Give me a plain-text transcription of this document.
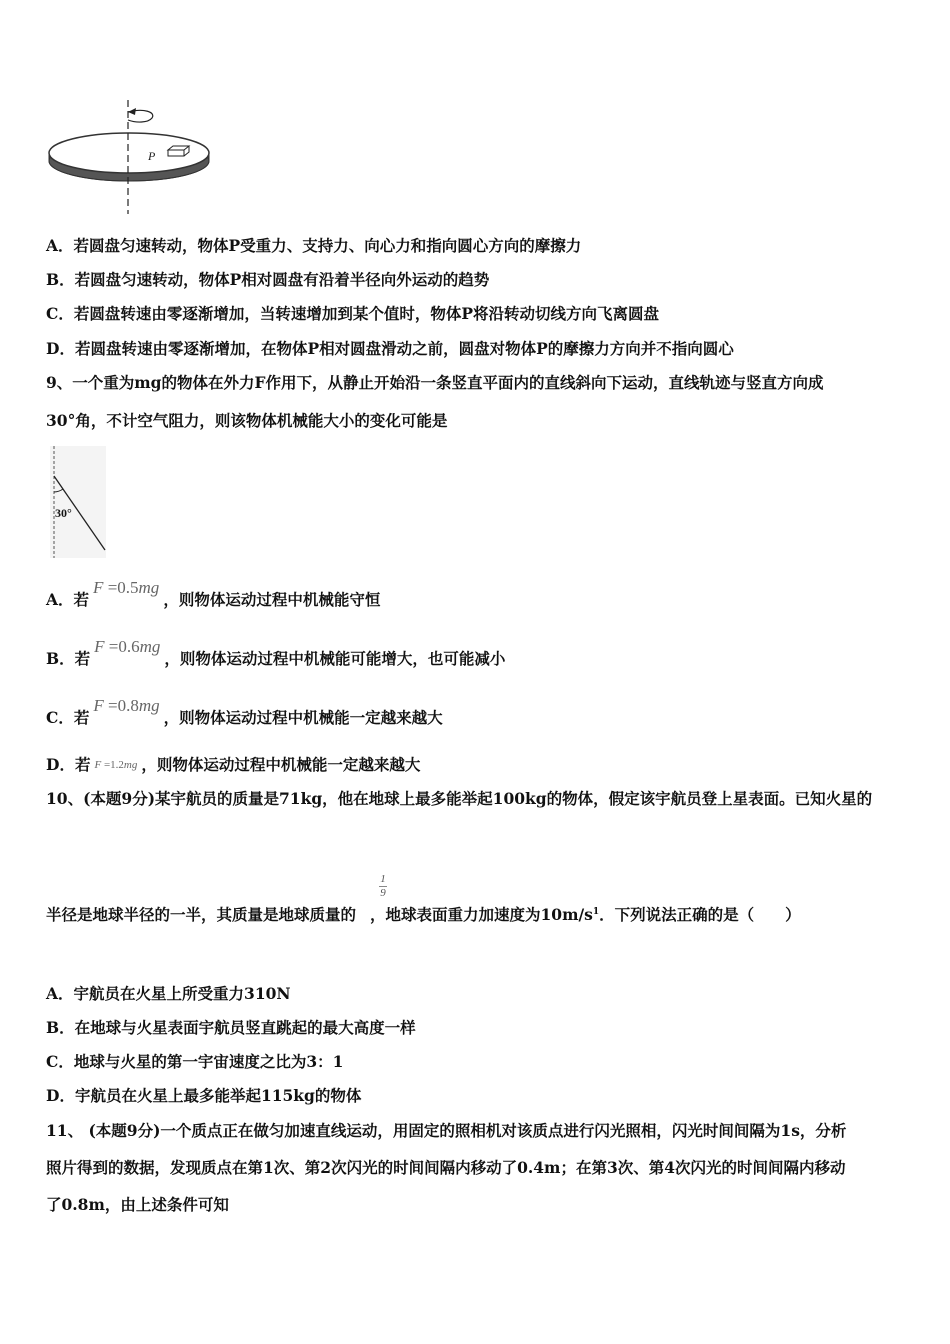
P
A．若圆盘匀速转动，物体P受重力、支持力、向心力和指向圆心方向的摩擦力
B．若圆盘匀速转动，物体P相对圆盘有沿着半径向外运动的趋势
C．若圆盘转速由零逐渐增加，当转速增加到某个值时，物体P将沿转动切线方向飞离圆盘
D．若圆盘转速由零逐渐增加，在物体P相对圆盘滑动之前，圆盘对物体P的摩擦力方向并不指向圆心
9、一个重为mg的物体在外力F作用下，从静止开始沿一条竖直平面内的直线斜向下运动，直线轨迹与竖直方向成
30°角，不计空气阻力，则该物体机械能大小的变化可能是
30°
A．若F =0.5mg，则物体运动过程中机械能守恒
B．若F =0.6mg，则物体运动过程中机械能可能增大，也可能减小
C．若F =0.8mg，则物体运动过程中机械能一定越来越大
D．若 F =1.2mg ，则物体运动过程中机械能一定越来越大
10、(本题9分)某宇航员的质量是71kg，他在地球上最多能举起100kg的物体，假定该宇航员登上星表面。已知火星的
1
9
半径是地球半径的一半，其质量是地球质量的 ，地球表面重力加速度为$10m/s^1$．下列说法正确的是（　　）
A．宇航员在火星上所受重力310N
B．在地球与火星表面宇航员竖直跳起的最大高度一样
C．地球与火星的第一宇宙速度之比为3：1
D．宇航员在火星上最多能举起115kg的物体
11、 (本题9分)一个质点正在做匀加速直线运动，用固定的照相机对该质点进行闪光照相，闪光时间间隔为1s，分析
照片得到的数据，发现质点在第1次、第2次闪光的时间间隔内移动了0.4m；在第3次、第4次闪光的时间间隔内移动
了0.8m，由上述条件可知
